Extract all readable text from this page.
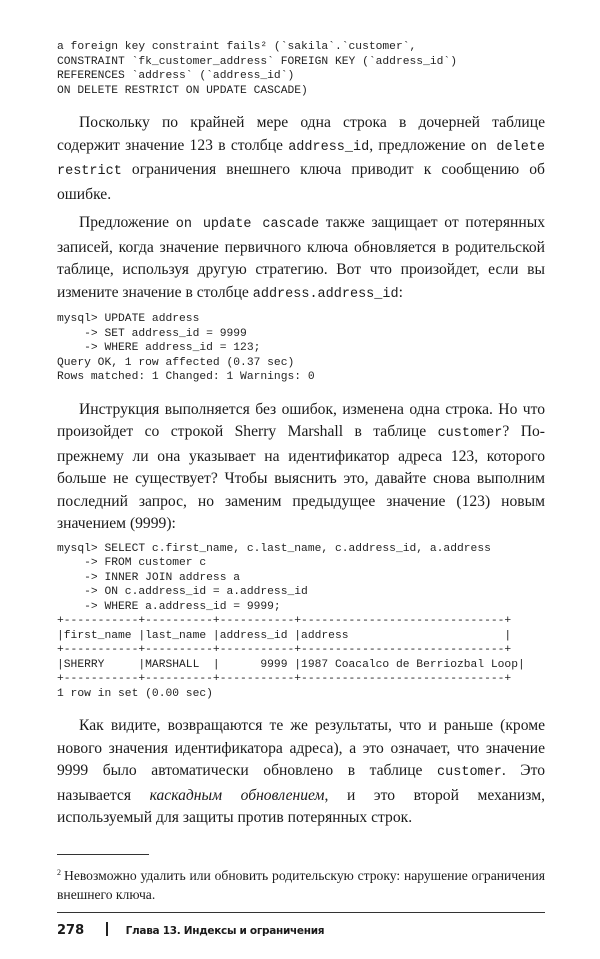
a foreign key constraint fails² (`sakila`.`customer`,
CONSTRAINT `fk_customer_address` FOREIGN KEY (`address_id`)
REFERENCES `address` (`address_id`)
ON DELETE RESTRICT ON UPDATE CASCADE)

Поскольку по крайней мере одна строка в дочерней таблице содержит значение 123 в столбце address_id, предложение on delete restrict ограничения внешнего ключа приводит к сообщению об ошибке.

Предложение on update cascade также защищает от потерянных записей, когда значение первичного ключа обновляется в родительской таблице, используя другую стратегию. Вот что произойдет, если вы измените значение в столбце address.address_id:

mysql> UPDATE address
-> SET address_id = 9999
-> WHERE address_id = 123;
Query OK, 1 row affected (0.37 sec)
Rows matched: 1 Changed: 1 Warnings: 0

Инструкция выполняется без ошибок, изменена одна строка. Но что произойдет со строкой Sherry Marshall в таблице customer? По-прежнему ли она указывает на идентификатор адреса 123, которого больше не существует? Чтобы выяснить это, давайте снова выполним последний запрос, но заменим предыдущее значение (123) новым значением (9999):

mysql> SELECT c.first_name, c.last_name, c.address_id, a.address
-> FROM customer c
-> INNER JOIN address a
-> ON c.address_id = a.address_id
-> WHERE a.address_id = 9999;
+-----------+----------+-----------+------------------------------+
|first_name |last_name |address_id |address                       |
+-----------+----------+-----------+------------------------------+
|SHERRY     |MARSHALL  |      9999 |1987 Coacalco de Berriozbal Loop|
+-----------+----------+-----------+------------------------------+
1 row in set (0.00 sec)

Как видите, возвращаются те же результаты, что и раньше (кроме нового значения идентификатора адреса), а это означает, что значение 9999 было автоматически обновлено в таблице customer. Это называется каскадным обновлением, и это второй механизм, используемый для защиты против потерянных строк.

$^2$ Невозможно удалить или обновить родительскую строку: нарушение ограничения внешнего ключа.
278	Глава 13. Индексы и ограничения
